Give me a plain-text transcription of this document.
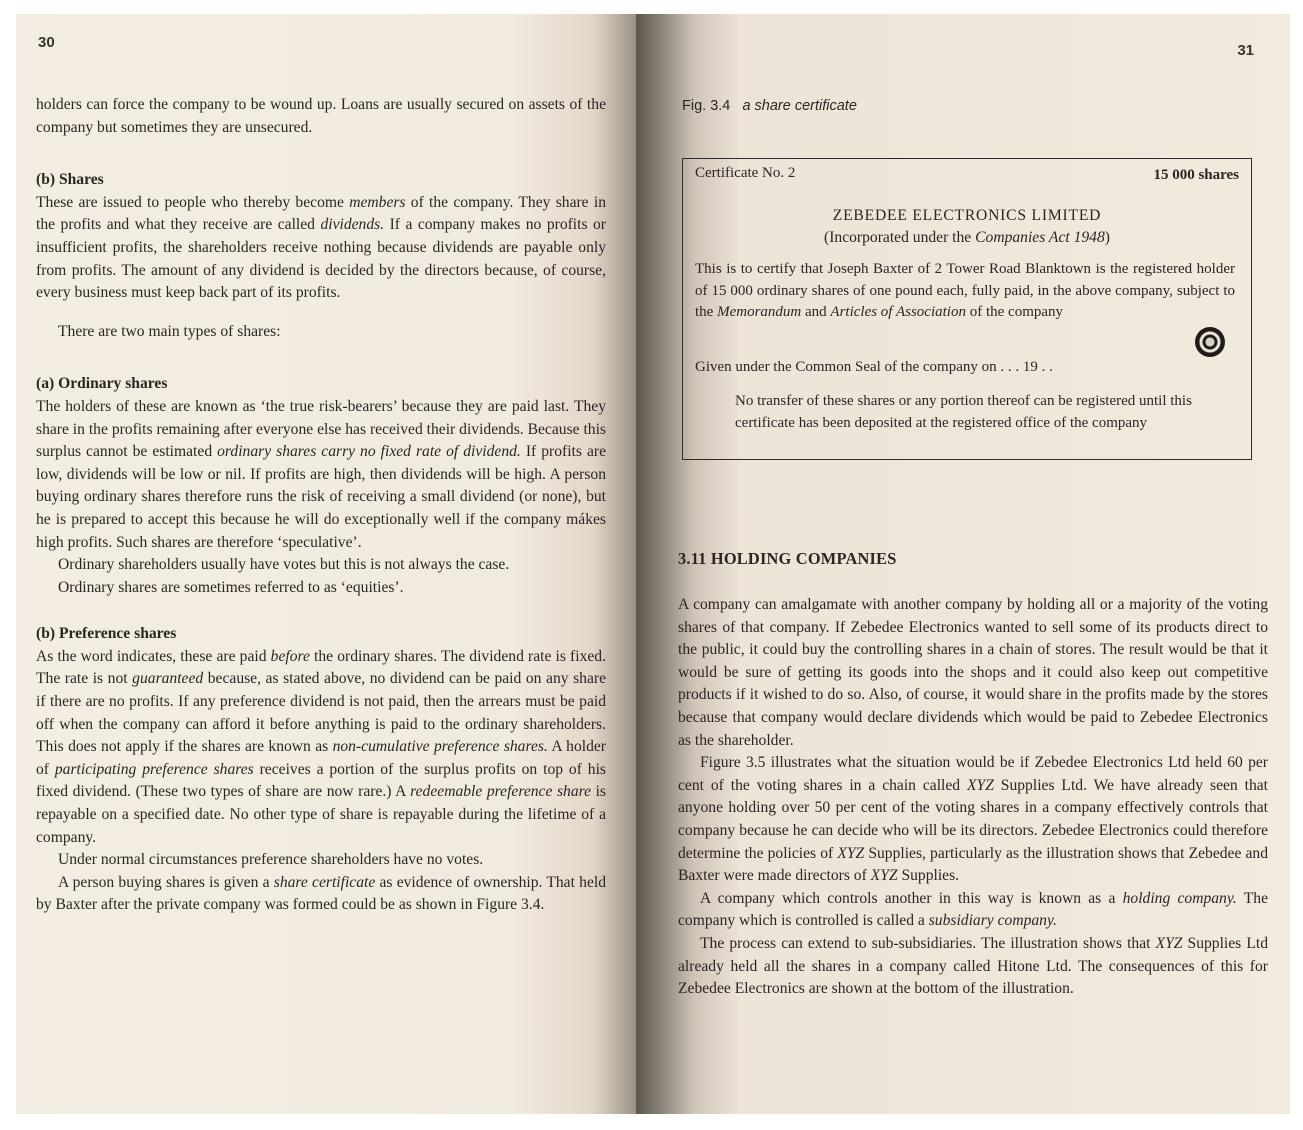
30

holders can force the company to be wound up. Loans are usually secured on assets of the company but sometimes they are unsecured.

(b) Shares

These are issued to people who thereby become members of the company. They share in the profits and what they receive are called dividends. If a company makes no profits or insufficient profits, the shareholders receive nothing because dividends are payable only from profits. The amount of any dividend is decided by the directors because, of course, every business must keep back part of its profits.

There are two main types of shares:

(a) Ordinary shares

The holders of these are known as ‘the true risk-bearers’ because they are paid last. They share in the profits remaining after everyone else has received their dividends. Because this surplus cannot be estimated ordinary shares carry no fixed rate of dividend. If profits are low, dividends will be low or nil. If profits are high, then dividends will be high. A person buying ordinary shares therefore runs the risk of receiving a small dividend (or none), but he is prepared to accept this because he will do exceptionally well if the company mákes high profits. Such shares are therefore ‘speculative’.

Ordinary shareholders usually have votes but this is not always the case.

Ordinary shares are sometimes referred to as ‘equities’.

(b) Preference shares

As the word indicates, these are paid before the ordinary shares. The dividend rate is fixed. The rate is not guaranteed because, as stated above, no dividend can be paid on any share if there are no profits. If any preference dividend is not paid, then the arrears must be paid off when the company can afford it before anything is paid to the ordinary shareholders. This does not apply if the shares are known as non-cumulative preference shares. A holder of participating preference shares receives a portion of the surplus profits on top of his fixed dividend. (These two types of share are now rare.) A redeemable preference share is repayable on a specified date. No other type of share is repayable during the lifetime of a company.

Under normal circumstances preference shareholders have no votes.

A person buying shares is given a share certificate as evidence of ownership. That held by Baxter after the private company was formed could be as shown in Figure 3.4.

31
Fig. 3.4 a share certificate
Certificate No. 2	15 000 shares
ZEBEDEE ELECTRONICS LIMITED
(Incorporated under the Companies Act 1948)
This is to certify that Joseph Baxter of 2 Tower Road Blanktown is the registered holder of 15 000 ordinary shares of one pound each, fully paid, in the above company, subject to the Memorandum and Articles of Association of the company
Given under the Common Seal of the company on . . . 19 . .
No transfer of these shares or any portion thereof can be registered until this certificate has been deposited at the registered office of the company
3.11 HOLDING COMPANIES

A company can amalgamate with another company by holding all or a majority of the voting shares of that company. If Zebedee Electronics wanted to sell some of its products direct to the public, it could buy the controlling shares in a chain of stores. The result would be that it would be sure of getting its goods into the shops and it could also keep out competitive products if it wished to do so. Also, of course, it would share in the profits made by the stores because that company would declare dividends which would be paid to Zebedee Electronics as the shareholder.

Figure 3.5 illustrates what the situation would be if Zebedee Electronics Ltd held 60 per cent of the voting shares in a chain called XYZ Supplies Ltd. We have already seen that anyone holding over 50 per cent of the voting shares in a company effectively controls that company because he can decide who will be its directors. Zebedee Electronics could therefore determine the policies of XYZ Supplies, particularly as the illustration shows that Zebedee and Baxter were made directors of XYZ Supplies.

A company which controls another in this way is known as a holding company. The company which is controlled is called a subsidiary company.

The process can extend to sub-subsidiaries. The illustration shows that XYZ Supplies Ltd already held all the shares in a company called Hitone Ltd. The consequences of this for Zebedee Electronics are shown at the bottom of the illustration.
